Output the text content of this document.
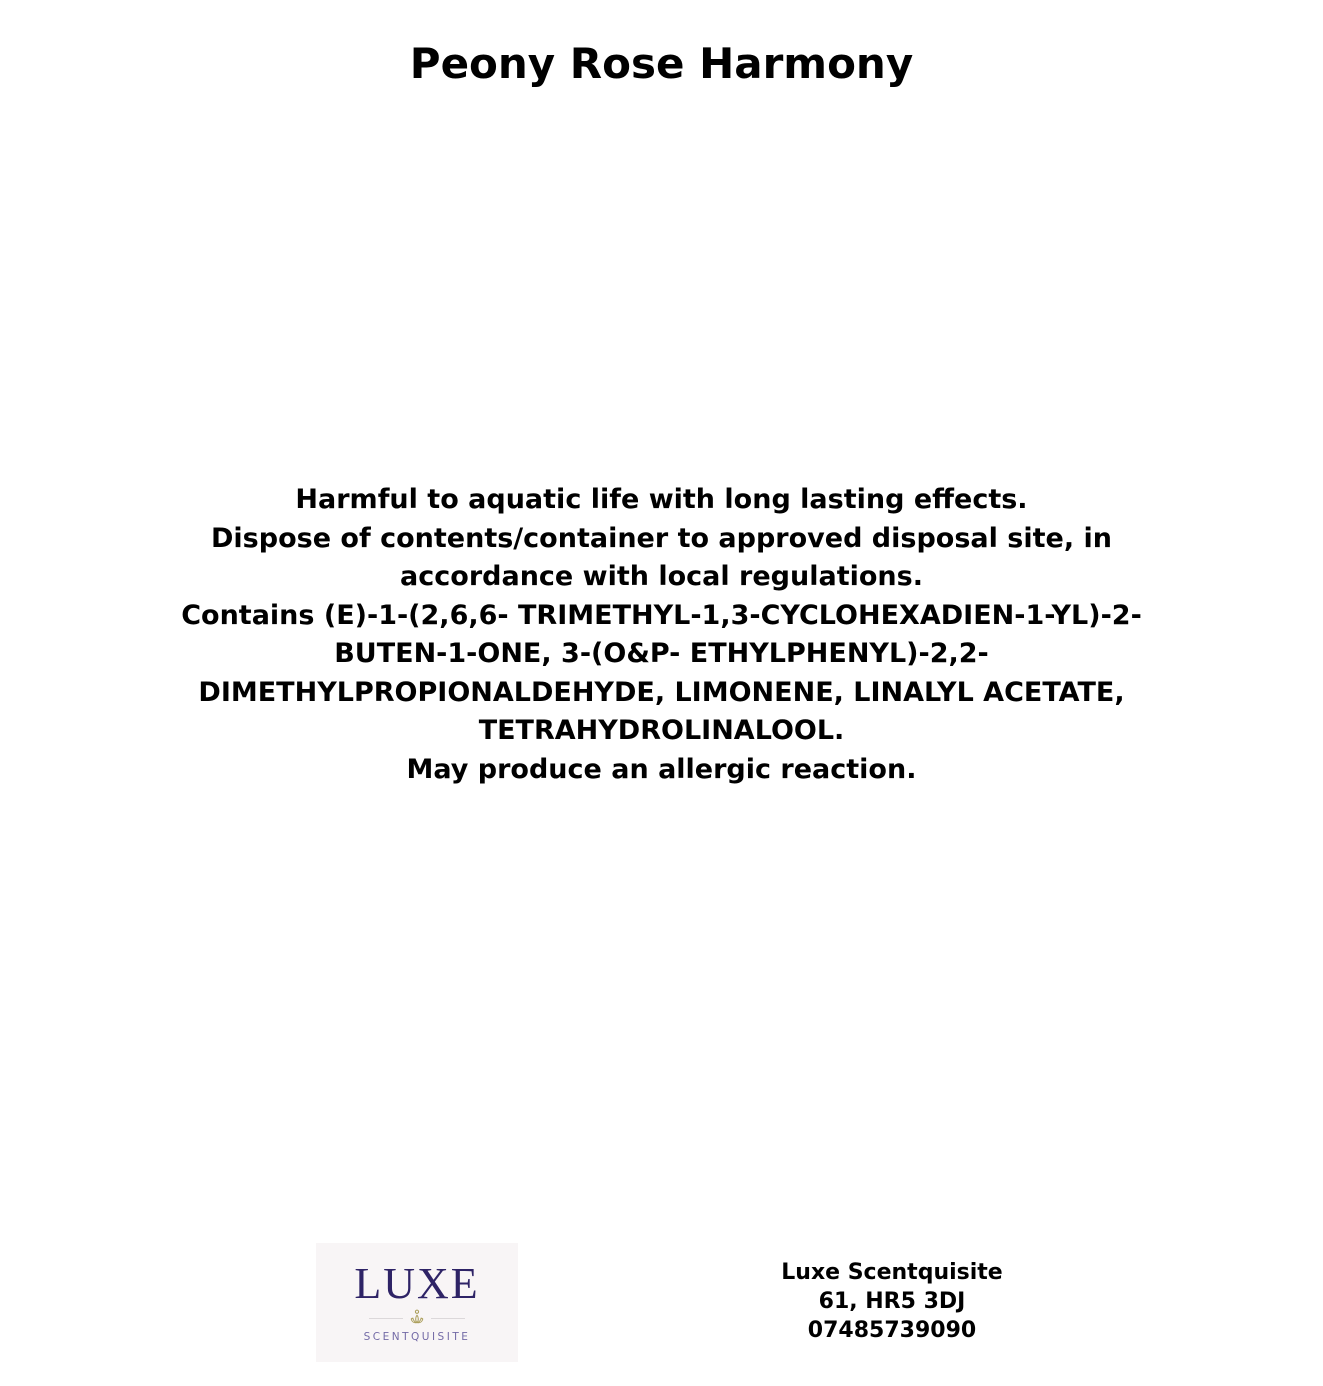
Peony Rose Harmony
Harmful to aquatic life with long lasting effects.
Dispose of contents/container to approved disposal site, in
accordance with local regulations.
Contains (E)-1-(2,6,6- TRIMETHYL-1,3-CYCLOHEXADIEN-1-YL)-2-
BUTEN-1-ONE, 3-(O&P- ETHYLPHENYL)-2,2-
DIMETHYLPROPIONALDEHYDE, LIMONENE, LINALYL ACETATE,
TETRAHYDROLINALOOL.
May produce an allergic reaction.
LUXE
SCENTQUISITE
Luxe Scentquisite
61, HR5 3DJ
07485739090
